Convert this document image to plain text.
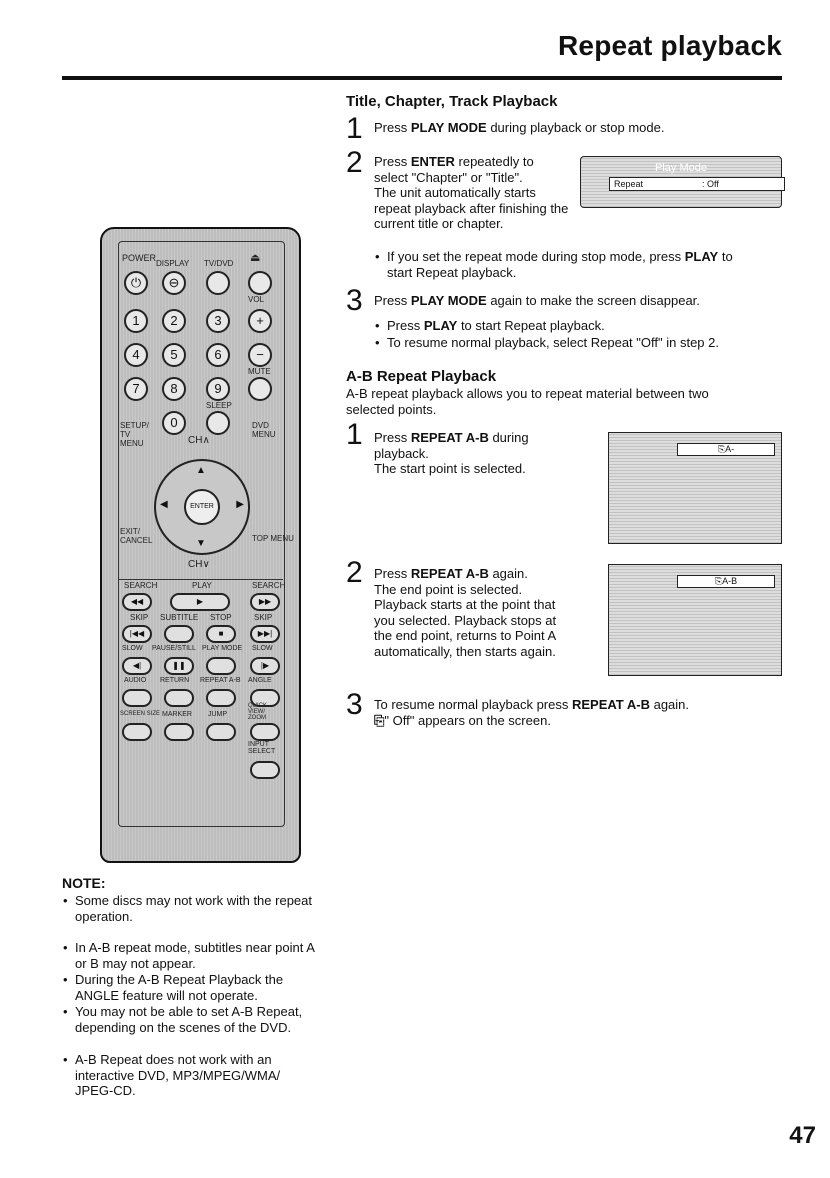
Repeat playback
POWER
DISPLAY TV/DVD ⏏
⏻	⊖
VOL
1	2	3	+
4	5	6	−
MUTE
7	8	9
SLEEP
0
SETUP/ TV MENU
DVD MENU
CH∧
▲
▼
◀	▶
ENTER
EXIT/ CANCEL	TOP MENU
CH∨
SEARCH	PLAY	SEARCH
◀◀	▶	▶▶
SKIP SUBTITLE STOP	SKIP
|◀◀	■	▶▶|
SLOW PAUSE/STILL PLAY MODE SLOW
◀|	❚❚	|▶
AUDIO RETURN REPEAT A-B ANGLE
SCREEN SIZE MARKER JUMP
QUICK VIEW/ ZOOM
INPUT SELECT
Title, Chapter, Track Playback
1 Press PLAY MODE during playback or stop mode.
2 Press ENTER repeatedly to
select "Chapter" or "Title".
The unit automatically starts
repeat playback after finishing the
current title or chapter.
Play Mode
Repeat	: Off
• If you set the repeat mode during stop mode, press PLAY to
start Repeat playback.
3 Press PLAY MODE again to make the screen disappear.
• Press PLAY to start Repeat playback.
• To resume normal playback, select Repeat "Off" in step 2.
A-B Repeat Playback
A-B repeat playback allows you to repeat material between two
selected points.
1 Press REPEAT A-B during
playback.
The start point is selected.
⎘A-
2 Press REPEAT A-B again.
The end point is selected.
Playback starts at the point that
you selected. Playback stops at
the end point, returns to Point A
automatically, then starts again.
⎘A-B
3 To resume normal playback press REPEAT A-B again.
⎘" Off" appears on the screen.
NOTE:
• Some discs may not work with the repeat operation.
• In A-B repeat mode, subtitles near point A or B may not appear.
• During the A-B Repeat Playback the ANGLE feature will not operate.
• You may not be able to set A-B Repeat, depending on the scenes of the DVD.
• A-B Repeat does not work with an interactive DVD, MP3/MPEG/WMA/ JPEG-CD.
47
